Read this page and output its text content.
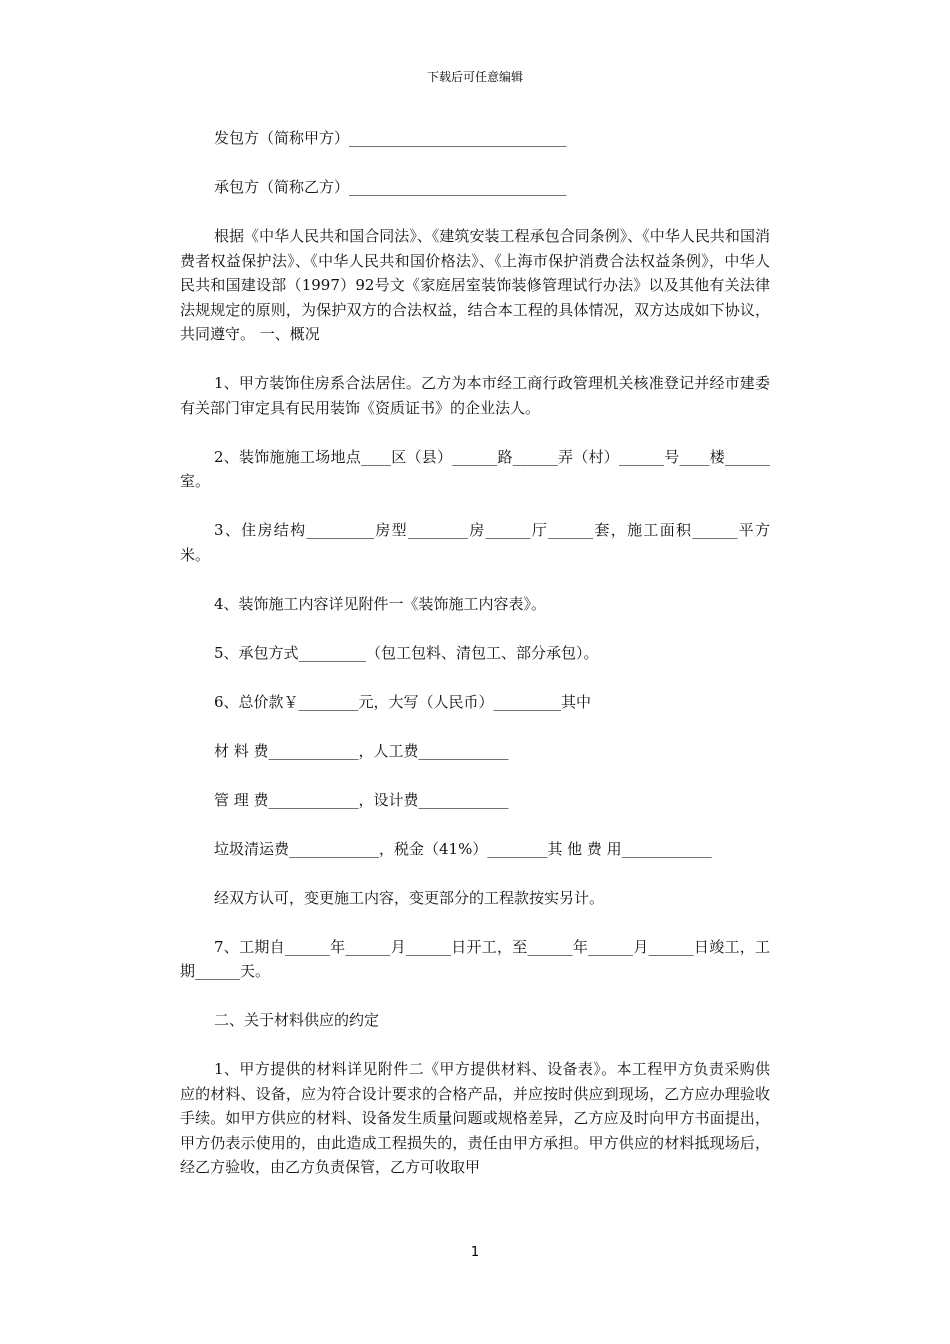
下载后可任意编辑

发包方（简称甲方）_____________________________

承包方（简称乙方）_____________________________

根据《中华人民共和国合同法》、《建筑安装工程承包合同条例》、《中华人民共和国消费者权益保护法》、《中华人民共和国价格法》、《上海市保护消费合法权益条例》，中华人民共和国建设部（1997）92号文《家庭居室装饰装修管理试行办法》以及其他有关法律法规规定的原则，为保护双方的合法权益，结合本工程的具体情况，双方达成如下协议，共同遵守。 一、概况

1、甲方装饰住房系合法居住。乙方为本市经工商行政管理机关核准登记并经市建委有关部门审定具有民用装饰《资质证书》的企业法人。

2、装饰施施工场地点____区（县）______路______弄（村）______号____楼______室。

3、住房结构_________房型________房______厅______套，施工面积______平方米。

4、装饰施工内容详见附件一《装饰施工内容表》。

5、承包方式_________（包工包料、清包工、部分承包）。

6、总价款￥________元，大写（人民币）_________其中

材 料 费____________，人工费____________

管 理 费____________，设计费____________

垃圾清运费____________，税金（41%）________其 他 费 用____________

经双方认可，变更施工内容，变更部分的工程款按实另计。

7、工期自______年______月______日开工，至______年______月______日竣工，工期______天。

二、关于材料供应的约定

1、甲方提供的材料详见附件二《甲方提供材料、设备表》。本工程甲方负责采购供应的材料、设备，应为符合设计要求的合格产品，并应按时供应到现场，乙方应办理验收手续。如甲方供应的材料、设备发生质量问题或规格差异，乙方应及时向甲方书面提出，甲方仍表示使用的，由此造成工程损失的，责任由甲方承担。甲方供应的材料抵现场后，经乙方验收，由乙方负责保管，乙方可收取甲

1
